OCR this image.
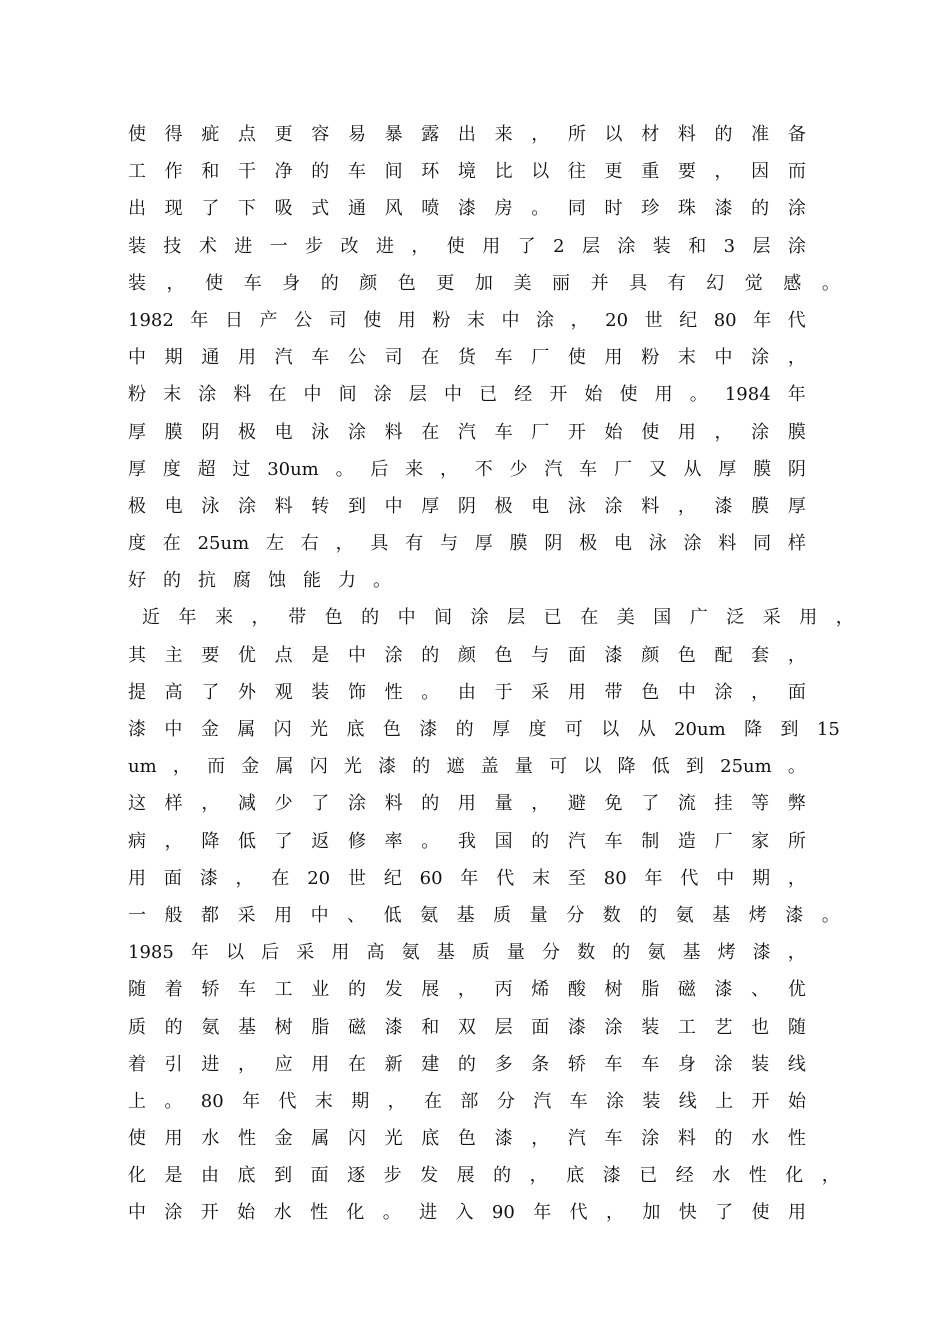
使 得 疵 点 更 容 易 暴 露 出 来 ， 所 以 材 料 的 准 备
工 作 和 干 净 的 车 间 环 境 比 以 往 更 重 要 ， 因 而
出 现 了 下 吸 式 通 风 喷 漆 房 。 同 时 珍 珠 漆 的 涂
装 技 术 进 一 步 改 进 ， 使 用 了 2 层 涂 装 和 3 层 涂
装 ， 使 车 身 的 颜 色 更 加 美 丽 并 具 有 幻 觉 感 。
1982 年 日 产 公 司 使 用 粉 末 中 涂 ， 20 世 纪 80 年 代
中 期 通 用 汽 车 公 司 在 货 车 厂 使 用 粉 末 中 涂 ，
粉 末 涂 料 在 中 间 涂 层 中 已 经 开 始 使 用 。 1984 年
厚 膜 阴 极 电 泳 涂 料 在 汽 车 厂 开 始 使 用 ， 涂 膜
厚 度 超 过 30um 。 后 来 ， 不 少 汽 车 厂 又 从 厚 膜 阴
极 电 泳 涂 料 转 到 中 厚 阴 极 电 泳 涂 料 ， 漆 膜 厚
度 在 25um 左 右 ， 具 有 与 厚 膜 阴 极 电 泳 涂 料 同 样
好 的 抗 腐 蚀 能 力 。
近 年 来 ， 带 色 的 中 间 涂 层 已 在 美 国 广 泛 采 用 ，
其 主 要 优 点 是 中 涂 的 颜 色 与 面 漆 颜 色 配 套 ，
提 高 了 外 观 装 饰 性 。 由 于 采 用 带 色 中 涂 ， 面
漆 中 金 属 闪 光 底 色 漆 的 厚 度 可 以 从 20um 降 到 15
um ， 而 金 属 闪 光 漆 的 遮 盖 量 可 以 降 低 到 25um 。
这 样 ， 减 少 了 涂 料 的 用 量 ， 避 免 了 流 挂 等 弊
病 ， 降 低 了 返 修 率 。 我 国 的 汽 车 制 造 厂 家 所
用 面 漆 ， 在 20 世 纪 60 年 代 末 至 80 年 代 中 期 ，
一 般 都 采 用 中 、 低 氨 基 质 量 分 数 的 氨 基 烤 漆 。
1985 年 以 后 采 用 高 氨 基 质 量 分 数 的 氨 基 烤 漆 ，
随 着 轿 车 工 业 的 发 展 ， 丙 烯 酸 树 脂 磁 漆 、 优
质 的 氨 基 树 脂 磁 漆 和 双 层 面 漆 涂 装 工 艺 也 随
着 引 进 ， 应 用 在 新 建 的 多 条 轿 车 车 身 涂 装 线
上 。 80 年 代 末 期 ， 在 部 分 汽 车 涂 装 线 上 开 始
使 用 水 性 金 属 闪 光 底 色 漆 ， 汽 车 涂 料 的 水 性
化 是 由 底 到 面 逐 步 发 展 的 ， 底 漆 已 经 水 性 化 ，
中 涂 开 始 水 性 化 。 进 入 90 年 代 ， 加 快 了 使 用
